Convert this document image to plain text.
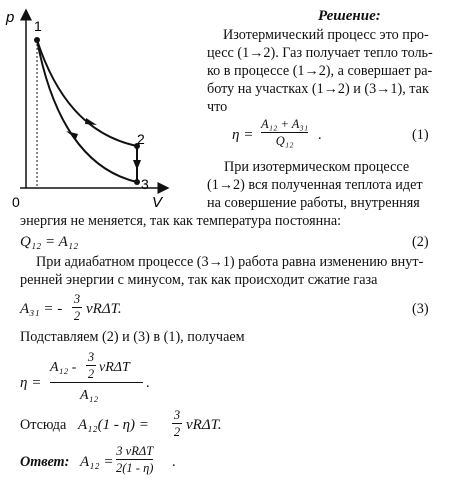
p
V
0
1
2
3
Решение:
Изотермический процесс это про-
цесс (1→2). Газ получает тепло толь-
ко в процессе (1→2), а совершает ра-
боту на участках (1→2) и (3→1), так
что
η =
A₁₂ + A₃₁
Q₁₂	.	(1)
При изотермическом процессе
(1→2) вся полученная теплота идет
на совершение работы, внутренняя
энергия не меняется, так как температура постоянна:
Q₁₂ = A₁₂	(2)
При адиабатном процессе (3→1) работа равна изменению внут-
ренней энергии с минусом, так как происходит сжатие газа
A₃₁ = -
3
2 νRΔT.	(3)
Подставляем (2) и (3) в (1), получаем
η =
A₁₂ -
3
2 νRΔT
A₁₂
.
Отсюда A₁₂(1 - η) =
3
2 νRΔT.
Ответ: A₁₂ =
3 νRΔT
2(1 - η) .
